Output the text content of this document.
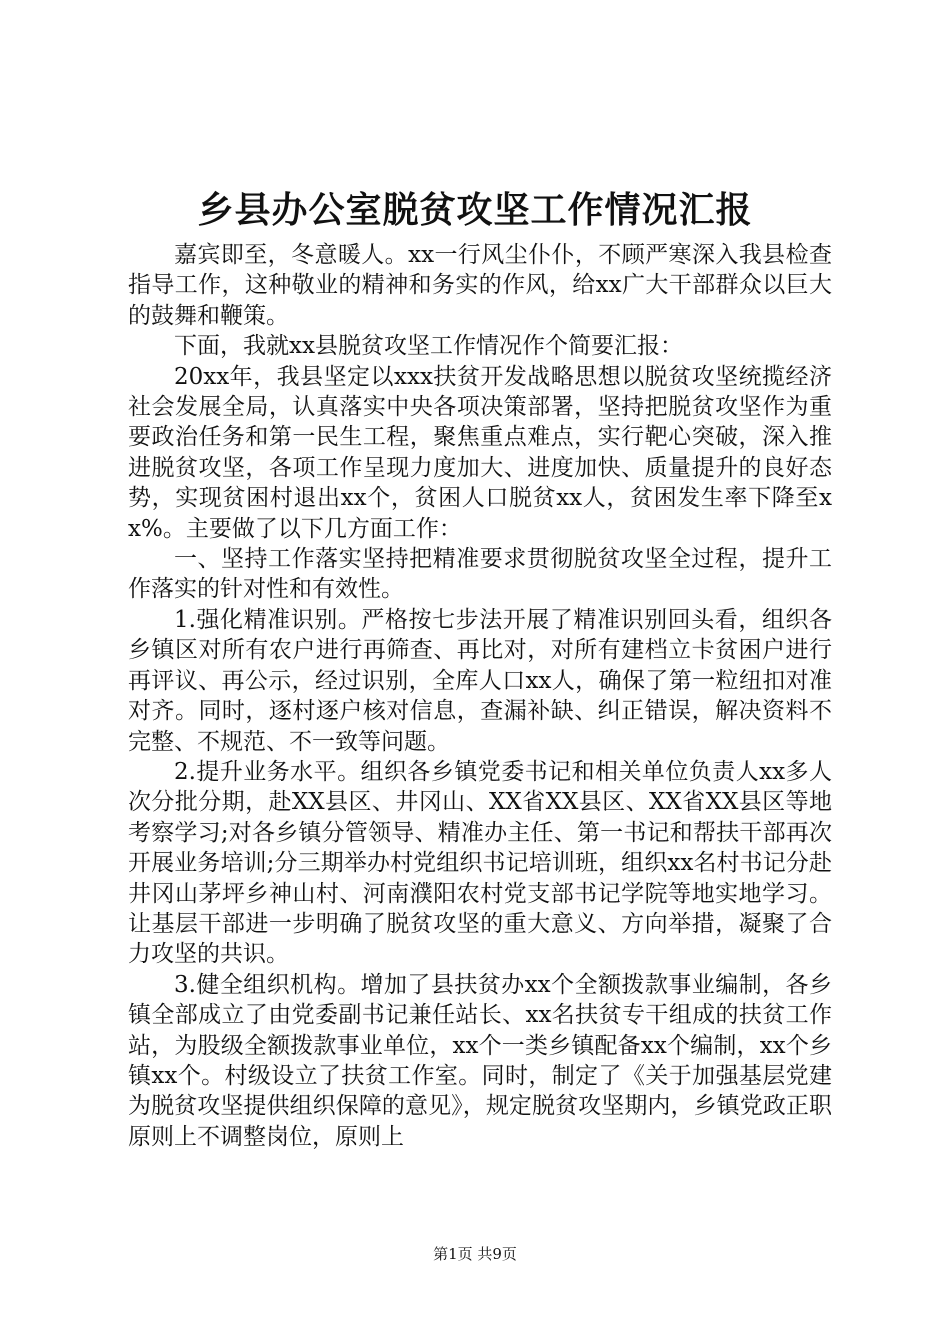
乡县办公室脱贫攻坚工作情况汇报

嘉宾即至，冬意暖人。xx一行风尘仆仆，不顾严寒深入我县检查指导工作，这种敬业的精神和务实的作风，给xx广大干部群众以巨大的鼓舞和鞭策。

下面，我就xx县脱贫攻坚工作情况作个简要汇报：

20xx年，我县坚定以xxx扶贫开发战略思想以脱贫攻坚统揽经济社会发展全局，认真落实中央各项决策部署，坚持把脱贫攻坚作为重要政治任务和第一民生工程，聚焦重点难点，实行靶心突破，深入推进脱贫攻坚，各项工作呈现力度加大、进度加快、质量提升的良好态势，实现贫困村退出xx个，贫困人口脱贫xx人，贫困发生率下降至xx%。主要做了以下几方面工作：

一、坚持工作落实坚持把精准要求贯彻脱贫攻坚全过程，提升工作落实的针对性和有效性。

1.强化精准识别。严格按七步法开展了精准识别回头看，组织各乡镇区对所有农户进行再筛查、再比对，对所有建档立卡贫困户进行再评议、再公示，经过识别，全库人口xx人，确保了第一粒纽扣对准对齐。同时，逐村逐户核对信息，查漏补缺、纠正错误，解决资料不完整、不规范、不一致等问题。

2.提升业务水平。组织各乡镇党委书记和相关单位负责人xx多人次分批分期，赴XX县区、井冈山、XX省XX县区、XX省XX县区等地考察学习;对各乡镇分管领导、精准办主任、第一书记和帮扶干部再次开展业务培训;分三期举办村党组织书记培训班，组织xx名村书记分赴井冈山茅坪乡神山村、河南濮阳农村党支部书记学院等地实地学习。让基层干部进一步明确了脱贫攻坚的重大意义、方向举措，凝聚了合力攻坚的共识。

3.健全组织机构。增加了县扶贫办xx个全额拨款事业编制，各乡镇全部成立了由党委副书记兼任站长、xx名扶贫专干组成的扶贫工作站，为股级全额拨款事业单位，xx个一类乡镇配备xx个编制，xx个乡镇xx个。村级设立了扶贫工作室。同时，制定了《关于加强基层党建为脱贫攻坚提供组织保障的意见》，规定脱贫攻坚期内，乡镇党政正职原则上不调整岗位，原则上

第1页 共9页
